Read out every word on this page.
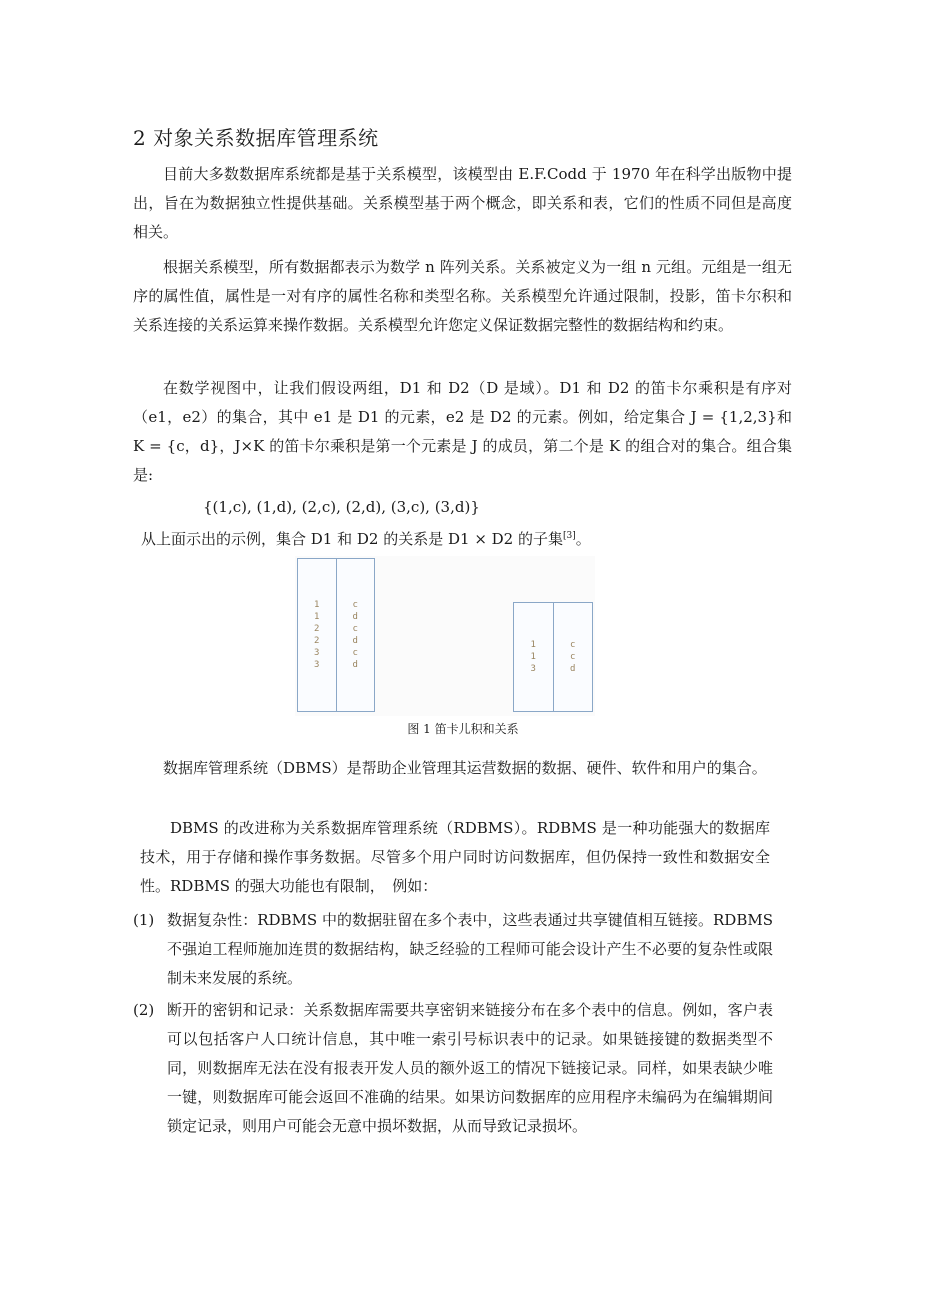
2 对象关系数据库管理系统

目前大多数数据库系统都是基于关系模型，该模型由 E.F.Codd 于 1970 年在科学出版物中提出，旨在为数据独立性提供基础。关系模型基于两个概念，即关系和表，它们的性质不同但是高度相关。

根据关系模型，所有数据都表示为数学 n 阵列关系。关系被定义为一组 n 元组。元组是一组无序的属性值，属性是一对有序的属性名称和类型名称。关系模型允许通过限制，投影，笛卡尔积和关系连接的关系运算来操作数据。关系模型允许您定义保证数据完整性的数据结构和约束。

在数学视图中，让我们假设两组，D1 和 D2（D 是域）。D1 和 D2 的笛卡尔乘积是有序对（e1，e2）的集合，其中 e1 是 D1 的元素，e2 是 D2 的元素。例如，给定集合 J = {1,2,3}和 K = {c，d}，J×K 的笛卡尔乘积是第一个元素是 J 的成员，第二个是 K 的组合对的集合。组合集是:

{(1,c), (1,d), (2,c), (2,d), (3,c), (3,d)}
从上面示出的示例，集合 D1 和 D2 的关系是 D1 × D2 的子集[3]。
1
1
2
2
3
3
c
d
c
d
c
d
1
1
3
c
c
d
图 1 笛卡儿积和关系

数据库管理系统（DBMS）是帮助企业管理其运营数据的数据、硬件、软件和用户的集合。

DBMS 的改进称为关系数据库管理系统（RDBMS）。RDBMS 是一种功能强大的数据库技术，用于存储和操作事务数据。尽管多个用户同时访问数据库，但仍保持一致性和数据安全性。RDBMS 的强大功能也有限制，　例如：

(1) 数据复杂性：RDBMS 中的数据驻留在多个表中，这些表通过共享键值相互链接。RDBMS 不强迫工程师施加连贯的数据结构，缺乏经验的工程师可能会设计产生不必要的复杂性或限制未来发展的系统。
(2) 断开的密钥和记录：关系数据库需要共享密钥来链接分布在多个表中的信息。例如，客户表可以包括客户人口统计信息，其中唯一索引号标识表中的记录。如果链接键的数据类型不同，则数据库无法在没有报表开发人员的额外返工的情况下链接记录。同样，如果表缺少唯一键，则数据库可能会返回不准确的结果。如果访问数据库的应用程序未编码为在编辑期间锁定记录，则用户可能会无意中损坏数据，从而导致记录损坏。
